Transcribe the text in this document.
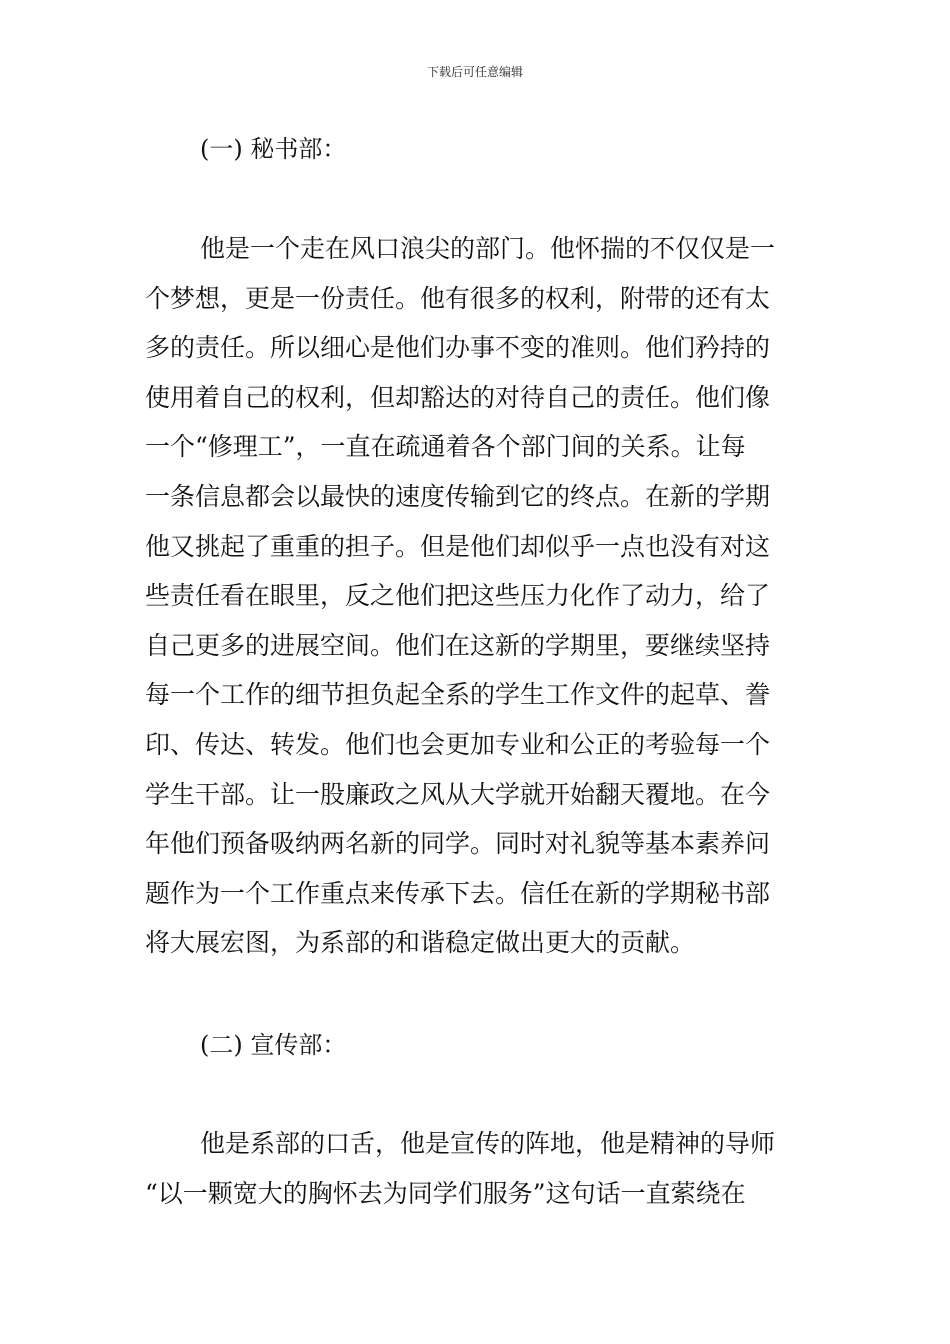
下载后可任意编辑
(一) 秘书部：
他是一个走在风口浪尖的部门。他怀揣的不仅仅是一
个梦想，更是一份责任。他有很多的权利，附带的还有太
多的责任。所以细心是他们办事不变的准则。他们矜持的
使用着自己的权利，但却豁达的对待自己的责任。他们像
一个“修理工”，一直在疏通着各个部门间的关系。让每
一条信息都会以最快的速度传输到它的终点。在新的学期
他又挑起了重重的担子。但是他们却似乎一点也没有对这
些责任看在眼里，反之他们把这些压力化作了动力，给了
自己更多的进展空间。他们在这新的学期里，要继续坚持
每一个工作的细节担负起全系的学生工作文件的起草、誊
印、传达、转发。他们也会更加专业和公正的考验每一个
学生干部。让一股廉政之风从大学就开始翻天覆地。在今
年他们预备吸纳两名新的同学。同时对礼貌等基本素养问
题作为一个工作重点来传承下去。信任在新的学期秘书部
将大展宏图，为系部的和谐稳定做出更大的贡献。
(二) 宣传部：
他是系部的口舌，他是宣传的阵地，他是精神的导师
“以一颗宽大的胸怀去为同学们服务”这句话一直萦绕在
